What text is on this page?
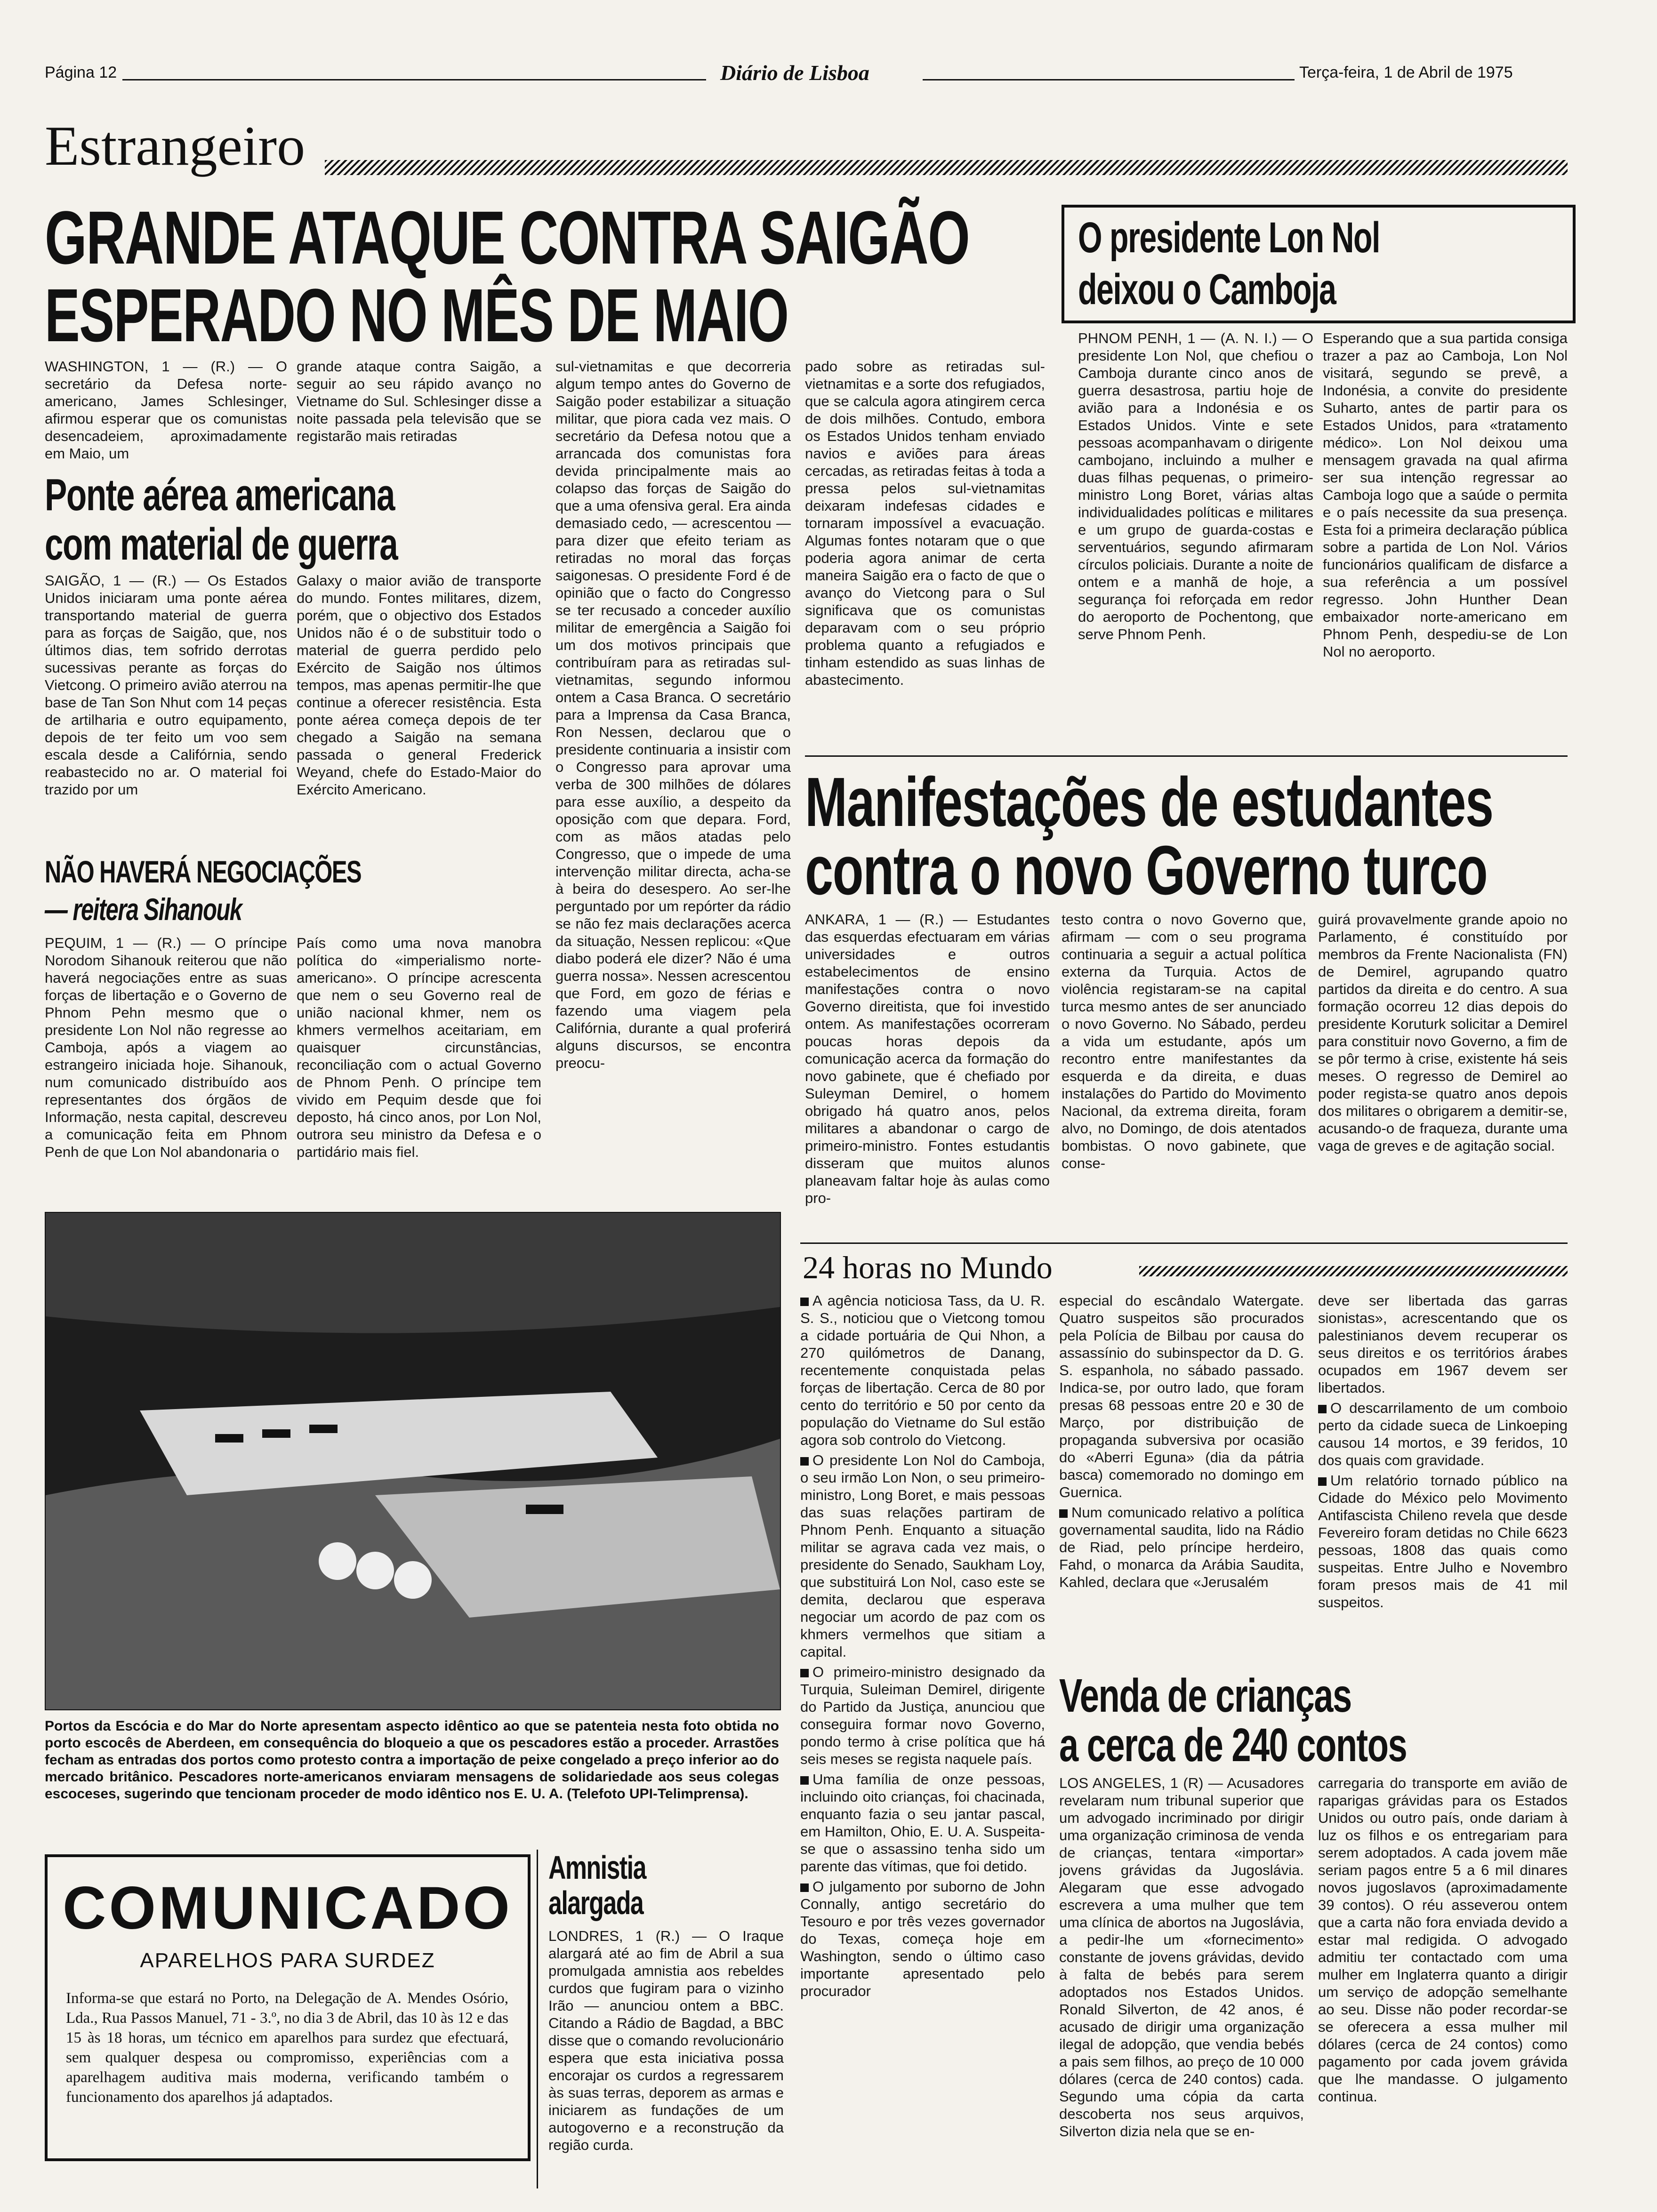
Página 12	Diário de Lisboa	Terça-feira, 1 de Abril de 1975
Estrangeiro
GRANDE ATAQUE CONTRA SAIGÃO
ESPERADO NO MÊS DE MAIO

WASHINGTON, 1 — (R.) — O secretário da Defesa norte-americano, James Schlesinger, afirmou esperar que os comunistas desencadeiem, aproximadamente em Maio, um

grande ataque contra Saigão, a seguir ao seu rápido avanço no Vietname do Sul. Schlesinger disse a noite passada pela televisão que se registarão mais retiradas

sul-vietnamitas e que decorreria algum tempo antes do Governo de Saigão poder estabilizar a situação militar, que piora cada vez mais. O secretário da Defesa notou que a arrancada dos comunistas fora devida principalmente mais ao colapso das forças de Saigão do que a uma ofensiva geral. Era ainda demasiado cedo, — acrescentou — para dizer que efeito teriam as retiradas no moral das forças saigonesas. O presidente Ford é de opinião que o facto do Congresso se ter recusado a conceder auxílio militar de emergência a Saigão foi um dos motivos principais que contribuíram para as retiradas sul-vietnamitas, segundo informou ontem a Casa Branca. O secretário para a Imprensa da Casa Branca, Ron Nessen, declarou que o presidente continuaria a insistir com o Congresso para aprovar uma verba de 300 milhões de dólares para esse auxílio, a despeito da oposição com que depara. Ford, com as mãos atadas pelo Congresso, que o impede de uma intervenção militar directa, acha-se à beira do desespero. Ao ser-lhe perguntado por um repórter da rádio se não fez mais declarações acerca da situação, Nessen replicou: «Que diabo poderá ele dizer? Não é uma guerra nossa». Nessen acrescentou que Ford, em gozo de férias e fazendo uma viagem pela Califórnia, durante a qual proferirá alguns discursos, se encontra preocu-

pado sobre as retiradas sul-vietnamitas e a sorte dos refugiados, que se calcula agora atingirem cerca de dois milhões. Contudo, embora os Estados Unidos tenham enviado navios e aviões para áreas cercadas, as retiradas feitas à toda a pressa pelos sul-vietnamitas deixaram indefesas cidades e tornaram impossível a evacuação. Algumas fontes notaram que o que poderia agora animar de certa maneira Saigão era o facto de que o avanço do Vietcong para o Sul significava que os comunistas deparavam com o seu próprio problema quanto a refugiados e tinham estendido as suas linhas de abastecimento.

Ponte aérea americana
com material de guerra

SAIGÃO, 1 — (R.) — Os Estados Unidos iniciaram uma ponte aérea transportando material de guerra para as forças de Saigão, que, nos últimos dias, tem sofrido derrotas sucessivas perante as forças do Vietcong. O primeiro avião aterrou na base de Tan Son Nhut com 14 peças de artilharia e outro equipamento, depois de ter feito um voo sem escala desde a Califórnia, sendo reabastecido no ar. O material foi trazido por um

Galaxy o maior avião de transporte do mundo. Fontes militares, dizem, porém, que o objectivo dos Estados Unidos não é o de substituir todo o material de guerra perdido pelo Exército de Saigão nos últimos tempos, mas apenas permitir-lhe que continue a oferecer resistência. Esta ponte aérea começa depois de ter chegado a Saigão na semana passada o general Frederick Weyand, chefe do Estado-Maior do Exército Americano.

NÃO HAVERÁ NEGOCIAÇÕES
— reitera Sihanouk

PEQUIM, 1 — (R.) — O príncipe Norodom Sihanouk reiterou que não haverá negociações entre as suas forças de libertação e o Governo de Phnom Pehn mesmo que o presidente Lon Nol não regresse ao Camboja, após a viagem ao estrangeiro iniciada hoje. Sihanouk, num comunicado distribuído aos representantes dos órgãos de Informação, nesta capital, descreveu a comunicação feita em Phnom Penh de que Lon Nol abandonaria o

País como uma nova manobra política do «imperialismo norte-americano». O príncipe acrescenta que nem o seu Governo real de união nacional khmer, nem os khmers vermelhos aceitariam, em quaisquer circunstâncias, reconciliação com o actual Governo de Phnom Penh. O príncipe tem vivido em Pequim desde que foi deposto, há cinco anos, por Lon Nol, outrora seu ministro da Defesa e o partidário mais fiel.

O presidente Lon Nol
deixou o Camboja

PHNOM PENH, 1 — (A. N. I.) — O presidente Lon Nol, que chefiou o Camboja durante cinco anos de guerra desastrosa, partiu hoje de avião para a Indonésia e os Estados Unidos. Vinte e sete pessoas acompanhavam o dirigente cambojano, incluindo a mulher e duas filhas pequenas, o primeiro-ministro Long Boret, várias altas individualidades políticas e militares e um grupo de guarda-costas e serventuários, segundo afirmaram círculos policiais. Durante a noite de ontem e a manhã de hoje, a segurança foi reforçada em redor do aeroporto de Pochentong, que serve Phnom Penh.

Esperando que a sua partida consiga trazer a paz ao Camboja, Lon Nol visitará, segundo se prevê, a Indonésia, a convite do presidente Suharto, antes de partir para os Estados Unidos, para «tratamento médico». Lon Nol deixou uma mensagem gravada na qual afirma ser sua intenção regressar ao Camboja logo que a saúde o permita e o país necessite da sua presença. Esta foi a primeira declaração pública sobre a partida de Lon Nol. Vários funcionários qualificam de disfarce a sua referência a um possível regresso. John Hunther Dean embaixador norte-americano em Phnom Penh, despediu-se de Lon Nol no aeroporto.

Manifestações de estudantes
contra o novo Governo turco

ANKARA, 1 — (R.) — Estudantes das esquerdas efectuaram em várias universidades e outros estabelecimentos de ensino manifestações contra o novo Governo direitista, que foi investido ontem. As manifestações ocorreram poucas horas depois da comunicação acerca da formação do novo gabinete, que é chefiado por Suleyman Demirel, o homem obrigado há quatro anos, pelos militares a abandonar o cargo de primeiro-ministro. Fontes estudantis disseram que muitos alunos planeavam faltar hoje às aulas como pro-

testo contra o novo Governo que, afirmam — com o seu programa continuaria a seguir a actual política externa da Turquia. Actos de violência registaram-se na capital turca mesmo antes de ser anunciado o novo Governo. No Sábado, perdeu a vida um estudante, após um recontro entre manifestantes da esquerda e da direita, e duas instalações do Partido do Movimento Nacional, da extrema direita, foram alvo, no Domingo, de dois atentados bombistas. O novo gabinete, que conse-

guirá provavelmente grande apoio no Parlamento, é constituído por membros da Frente Nacionalista (FN) de Demirel, agrupando quatro partidos da direita e do centro. A sua formação ocorreu 12 dias depois do presidente Koruturk solicitar a Demirel para constituir novo Governo, a fim de se pôr termo à crise, existente há seis meses. O regresso de Demirel ao poder regista-se quatro anos depois dos militares o obrigarem a demitir-se, acusando-o de fraqueza, durante uma vaga de greves e de agitação social.

Portos da Escócia e do Mar do Norte apresentam aspecto idêntico ao que se patenteia nesta foto obtida no porto escocês de Aberdeen, em consequência do bloqueio a que os pescadores estão a proceder. Arrastões fecham as entradas dos portos como protesto contra a importação de peixe congelado a preço inferior ao do mercado britânico. Pescadores norte-americanos enviaram mensagens de solidariedade aos seus colegas escoceses, sugerindo que tencionam proceder de modo idêntico nos E. U. A. (Telefoto UPI-Telimprensa).
24 horas no Mundo

A agência noticiosa Tass, da U. R. S. S., noticiou que o Vietcong tomou a cidade portuária de Qui Nhon, a 270 quilómetros de Danang, recentemente conquistada pelas forças de libertação. Cerca de 80 por cento do território e 50 por cento da população do Vietname do Sul estão agora sob controlo do Vietcong.

O presidente Lon Nol do Camboja, o seu irmão Lon Non, o seu primeiro-ministro, Long Boret, e mais pessoas das suas relações partiram de Phnom Penh. Enquanto a situação militar se agrava cada vez mais, o presidente do Senado, Saukham Loy, que substituirá Lon Nol, caso este se demita, declarou que esperava negociar um acordo de paz com os khmers vermelhos que sitiam a capital.

O primeiro-ministro designado da Turquia, Suleiman Demirel, dirigente do Partido da Justiça, anunciou que conseguira formar novo Governo, pondo termo à crise política que há seis meses se regista naquele país.

Uma família de onze pessoas, incluindo oito crianças, foi chacinada, enquanto fazia o seu jantar pascal, em Hamilton, Ohio, E. U. A. Suspeita-se que o assassino tenha sido um parente das vítimas, que foi detido.

O julgamento por suborno de John Connally, antigo secretário do Tesouro e por três vezes governador do Texas, começa hoje em Washington, sendo o último caso importante apresentado pelo procurador

especial do escândalo Watergate. Quatro suspeitos são procurados pela Polícia de Bilbau por causa do assassínio do subinspector da D. G. S. espanhola, no sábado passado. Indica-se, por outro lado, que foram presas 68 pessoas entre 20 e 30 de Março, por distribuição de propaganda subversiva por ocasião do «Aberri Eguna» (dia da pátria basca) comemorado no domingo em Guernica.

Num comunicado relativo a política governamental saudita, lido na Rádio de Riad, pelo príncipe herdeiro, Fahd, o monarca da Arábia Saudita, Kahled, declara que «Jerusalém

deve ser libertada das garras sionistas», acrescentando que os palestinianos devem recuperar os seus direitos e os territórios árabes ocupados em 1967 devem ser libertados.

O descarrilamento de um comboio perto da cidade sueca de Linkoeping causou 14 mortos, e 39 feridos, 10 dos quais com gravidade.

Um relatório tornado público na Cidade do México pelo Movimento Antifascista Chileno revela que desde Fevereiro foram detidas no Chile 6623 pessoas, 1808 das quais como suspeitas. Entre Julho e Novembro foram presos mais de 41 mil suspeitos.

Venda de crianças
a cerca de 240 contos

LOS ANGELES, 1 (R) — Acusadores revelaram num tribunal superior que um advogado incriminado por dirigir uma organização criminosa de venda de crianças, tentara «importar» jovens grávidas da Jugoslávia. Alegaram que esse advogado escrevera a uma mulher que tem uma clínica de abortos na Jugoslávia, a pedir-lhe um «fornecimento» constante de jovens grávidas, devido à falta de bebés para serem adoptados nos Estados Unidos. Ronald Silverton, de 42 anos, é acusado de dirigir uma organização ilegal de adopção, que vendia bebés a pais sem filhos, ao preço de 10 000 dólares (cerca de 240 contos) cada. Segundo uma cópia da carta descoberta nos seus arquivos, Silverton dizia nela que se en-

carregaria do transporte em avião de raparigas grávidas para os Estados Unidos ou outro país, onde dariam à luz os filhos e os entregariam para serem adoptados. A cada jovem mãe seriam pagos entre 5 a 6 mil dinares novos jugoslavos (aproximadamente 39 contos). O réu asseverou ontem que a carta não fora enviada devido a estar mal redigida. O advogado admitiu ter contactado com uma mulher em Inglaterra quanto a dirigir um serviço de adopção semelhante ao seu. Disse não poder recordar-se se oferecera a essa mulher mil dólares (cerca de 24 contos) como pagamento por cada jovem grávida que lhe mandasse. O julgamento continua.

COMUNICADO
APARELHOS PARA SURDEZ
Informa-se que estará no Porto, na Delegação de A. Mendes Osório, Lda., Rua Passos Manuel, 71 - 3.º, no dia 3 de Abril, das 10 às 12 e das 15 às 18 horas, um técnico em aparelhos para surdez que efectuará, sem qualquer despesa ou compromisso, experiências com a aparelhagem auditiva mais moderna, verificando também o funcionamento dos aparelhos já adaptados.
Amnistia
alargada

LONDRES, 1 (R.) — O Iraque alargará até ao fim de Abril a sua promulgada amnistia aos rebeldes curdos que fugiram para o vizinho Irão — anunciou ontem a BBC. Citando a Rádio de Bagdad, a BBC disse que o comando revolucionário espera que esta iniciativa possa encorajar os curdos a regressarem às suas terras, deporem as armas e iniciarem as fundações de um autogoverno e a reconstrução da região curda.
